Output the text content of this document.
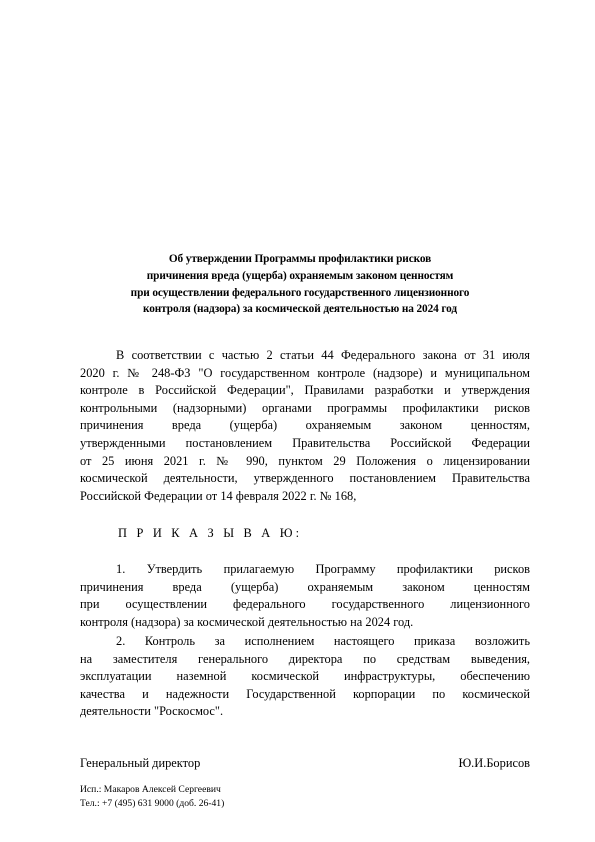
Об утверждении Программы профилактики рисков
причинения вреда (ущерба) охраняемым законом ценностям
при осуществлении федерального государственного лицензионного
контроля (надзора) за космической деятельностью на 2024 год
В соответствии с частью 2 статьи 44 Федерального закона от 31 июля
2020 г. № 248-ФЗ "О государственном контроле (надзоре) и муниципальном
контроле в Российской Федерации", Правилами разработки и утверждения
контрольными (надзорными) органами программы профилактики рисков
причинения вреда (ущерба) охраняемым законом ценностям,
утвержденными постановлением Правительства Российской Федерации
от 25 июня 2021 г. № 990, пунктом 29 Положения о лицензировании
космической деятельности, утвержденного постановлением Правительства
Российской Федерации от 14 февраля 2022 г. № 168,
П Р И К А З Ы В А Ю:
1. Утвердить прилагаемую Программу профилактики рисков
причинения вреда (ущерба) охраняемым законом ценностям
при осуществлении федерального государственного лицензионного
контроля (надзора) за космической деятельностью на 2024 год.
2. Контроль за исполнением настоящего приказа возложить
на заместителя генерального директора по средствам выведения,
эксплуатации наземной космической инфраструктуры, обеспечению
качества и надежности Государственной корпорации по космической
деятельности "Роскосмос".
Генеральный директор	Ю.И.Борисов
Исп.: Макаров Алексей Сергеевич
Тел.: +7 (495) 631 9000 (доб. 26-41)
